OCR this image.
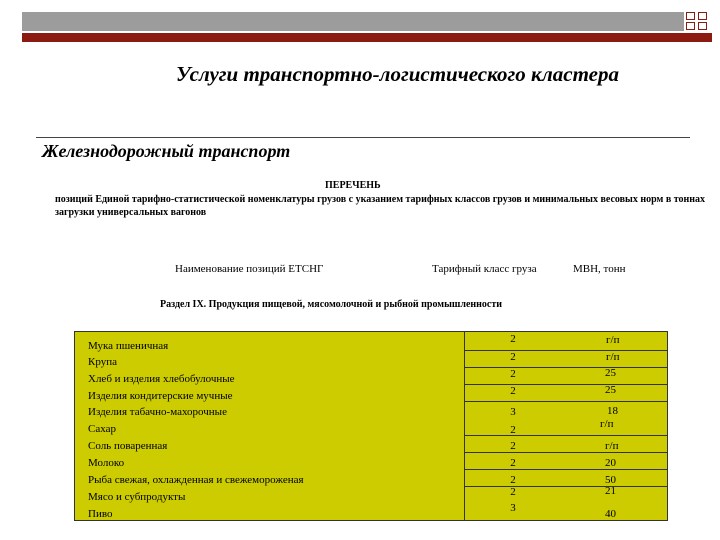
Услуги транспортно-логистического кластера
Железнодорожный транспорт
ПЕРЕЧЕНЬ
позиций Единой тарифно-статистической номенклатуры грузов с указанием тарифных классов грузов и минимальных весовых норм в тоннах загрузки универсальных вагонов
Наименование позиций ЕТСНГ	Тарифный класс груза	МВН, тонн
Раздел IX. Продукция пищевой, мясомолочной и рыбной промышленности
Мука пшеничная
Крупа
Хлеб и изделия хлебобулочные
Изделия кондитерские мучные
Изделия табачно-махорочные
Сахар
Соль поваренная
Молоко
Рыба свежая, охлажденная и свежемороженая
Мясо и субпродукты
Пиво
2
2
2
2
3
2
2
2
2
2
3
г/п
г/п
25
25
18
г/п
г/п
20
50
21
40
